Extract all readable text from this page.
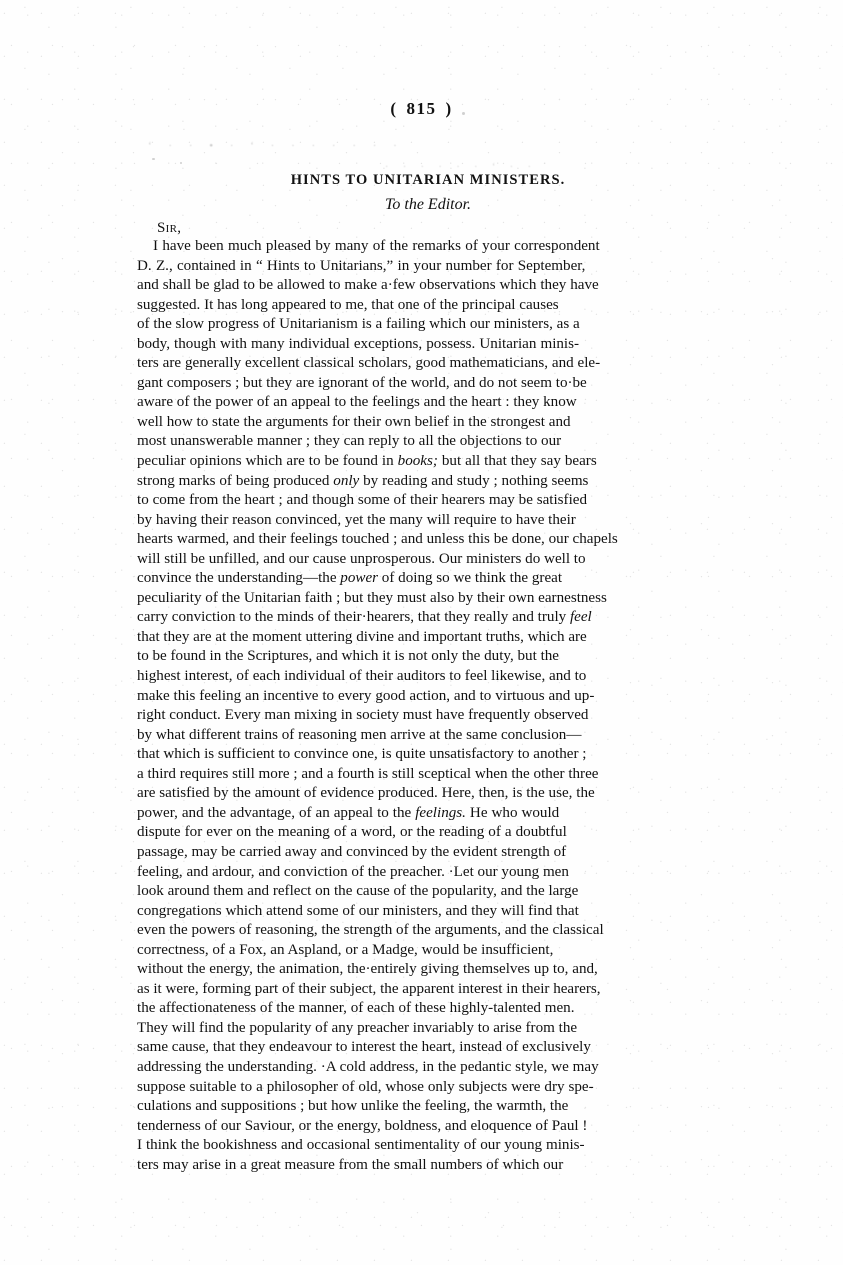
( 815 )
‘ · · • · ‘ · · · · · · ·
· · · · · · ‘ · ·
HINTS TO UNITARIAN MINISTERS.
To the Editor.
Sir,
I have been much pleased by many of the remarks of your correspondent
D. Z., contained in “ Hints to Unitarians,” in your number for September,
and shall be glad to be allowed to make a·few observations which they have
suggested. It has long appeared to me, that one of the principal causes
of the slow progress of Unitarianism is a failing which our ministers, as a
body, though with many individual exceptions, possess. Unitarian minis-
ters are generally excellent classical scholars, good mathematicians, and ele-
gant composers ; but they are ignorant of the world, and do not seem to·be
aware of the power of an appeal to the feelings and the heart : they know
well how to state the arguments for their own belief in the strongest and
most unanswerable manner ; they can reply to all the objections to our
peculiar opinions which are to be found in books; but all that they say bears
strong marks of being produced only by reading and study ; nothing seems
to come from the heart ; and though some of their hearers may be satisfied
by having their reason convinced, yet the many will require to have their
hearts warmed, and their feelings touched ; and unless this be done, our chapels
will still be unfilled, and our cause unprosperous. Our ministers do well to
convince the understanding—the power of doing so we think the great
peculiarity of the Unitarian faith ; but they must also by their own earnestness
carry conviction to the minds of their·hearers, that they really and truly feel
that they are at the moment uttering divine and important truths, which are
to be found in the Scriptures, and which it is not only the duty, but the
highest interest, of each individual of their auditors to feel likewise, and to
make this feeling an incentive to every good action, and to virtuous and up-
right conduct. Every man mixing in society must have frequently observed
by what different trains of reasoning men arrive at the same conclusion—
that which is sufficient to convince one, is quite unsatisfactory to another ;
a third requires still more ; and a fourth is still sceptical when the other three
are satisfied by the amount of evidence produced. Here, then, is the use, the
power, and the advantage, of an appeal to the feelings. He who would
dispute for ever on the meaning of a word, or the reading of a doubtful
passage, may be carried away and convinced by the evident strength of
feeling, and ardour, and conviction of the preacher. ·Let our young men
look around them and reflect on the cause of the popularity, and the large
congregations which attend some of our ministers, and they will find that
even the powers of reasoning, the strength of the arguments, and the classical
correctness, of a Fox, an Aspland, or a Madge, would be insufficient,
without the energy, the animation, the·entirely giving themselves up to, and,
as it were, forming part of their subject, the apparent interest in their hearers,
the affectionateness of the manner, of each of these highly-talented men.
They will find the popularity of any preacher invariably to arise from the
same cause, that they endeavour to interest the heart, instead of exclusively
addressing the understanding. ·A cold address, in the pedantic style, we may
suppose suitable to a philosopher of old, whose only subjects were dry spe-
culations and suppositions ; but how unlike the feeling, the warmth, the
tenderness of our Saviour, or the energy, boldness, and eloquence of Paul !
I think the bookishness and occasional sentimentality of our young minis-
ters may arise in a great measure from the small numbers of which our
